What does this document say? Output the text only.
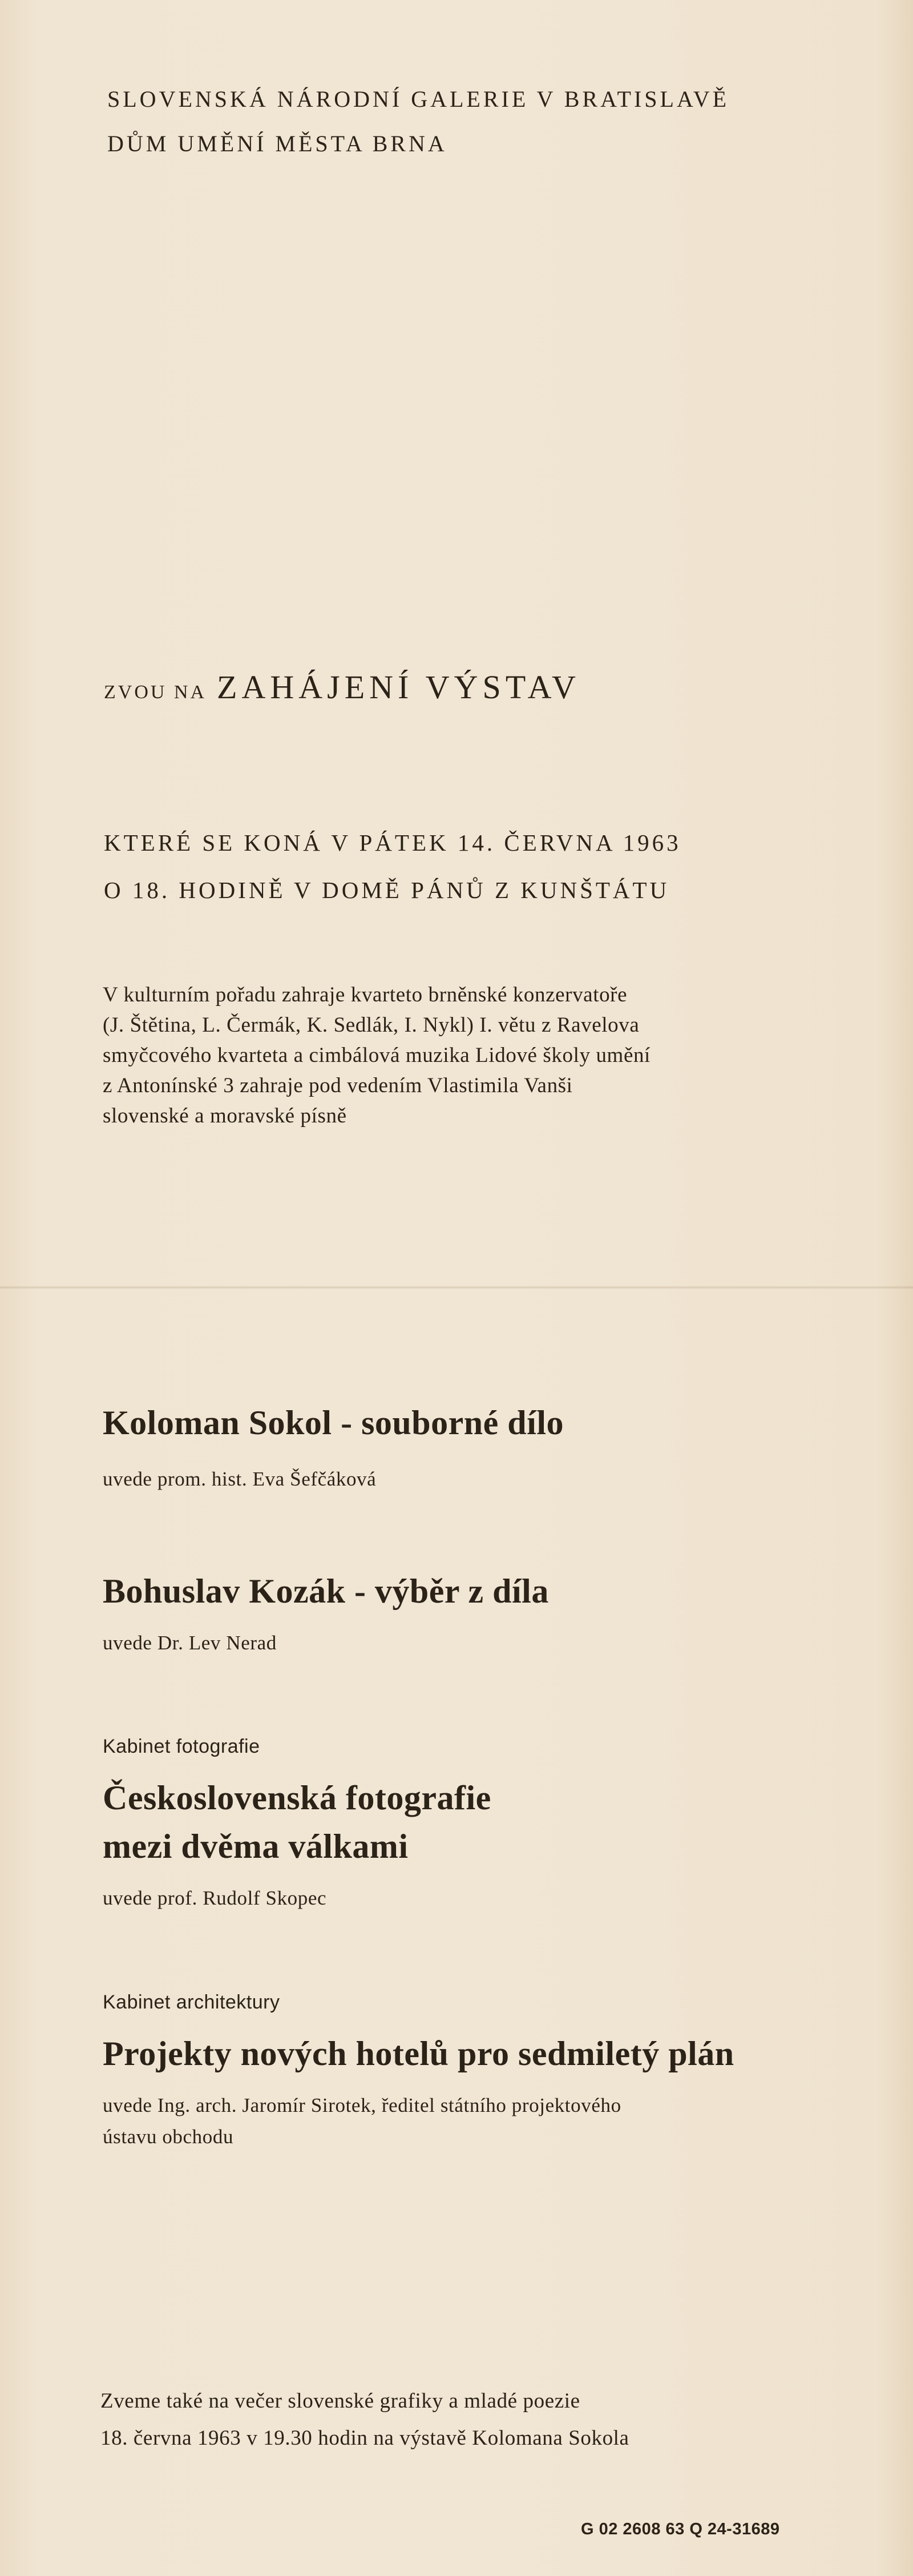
SLOVENSKÁ NÁRODNÍ GALERIE V BRATISLAVĚ
DŮM UMĚNÍ MĚSTA BRNA
ZVOU NA ZAHÁJENÍ VÝSTAV
KTERÉ SE KONÁ V PÁTEK 14. ČERVNA 1963
O 18. HODINĚ V DOMĚ PÁNŮ Z KUNŠTÁTU
V kulturním pořadu zahraje kvarteto brněnské konzervatoře
(J. Štětina, L. Čermák, K. Sedlák, I. Nykl) I. větu z Ravelova
smyčcového kvarteta a cimbálová muzika Lidové školy umění
z Antonínské 3 zahraje pod vedením Vlastimila Vanši
slovenské a moravské písně
Koloman Sokol - souborné dílo
uvede prom. hist. Eva Šefčáková
Bohuslav Kozák - výběr z díla
uvede Dr. Lev Nerad
Kabinet fotografie
Československá fotografie
mezi dvěma válkami
uvede prof. Rudolf Skopec
Kabinet architektury
Projekty nových hotelů pro sedmiletý plán
uvede Ing. arch. Jaromír Sirotek, ředitel státního projektového
ústavu obchodu
Zveme také na večer slovenské grafiky a mladé poezie
18. června 1963 v 19.30 hodin na výstavě Kolomana Sokola
G 02 2608 63 Q 24-31689
